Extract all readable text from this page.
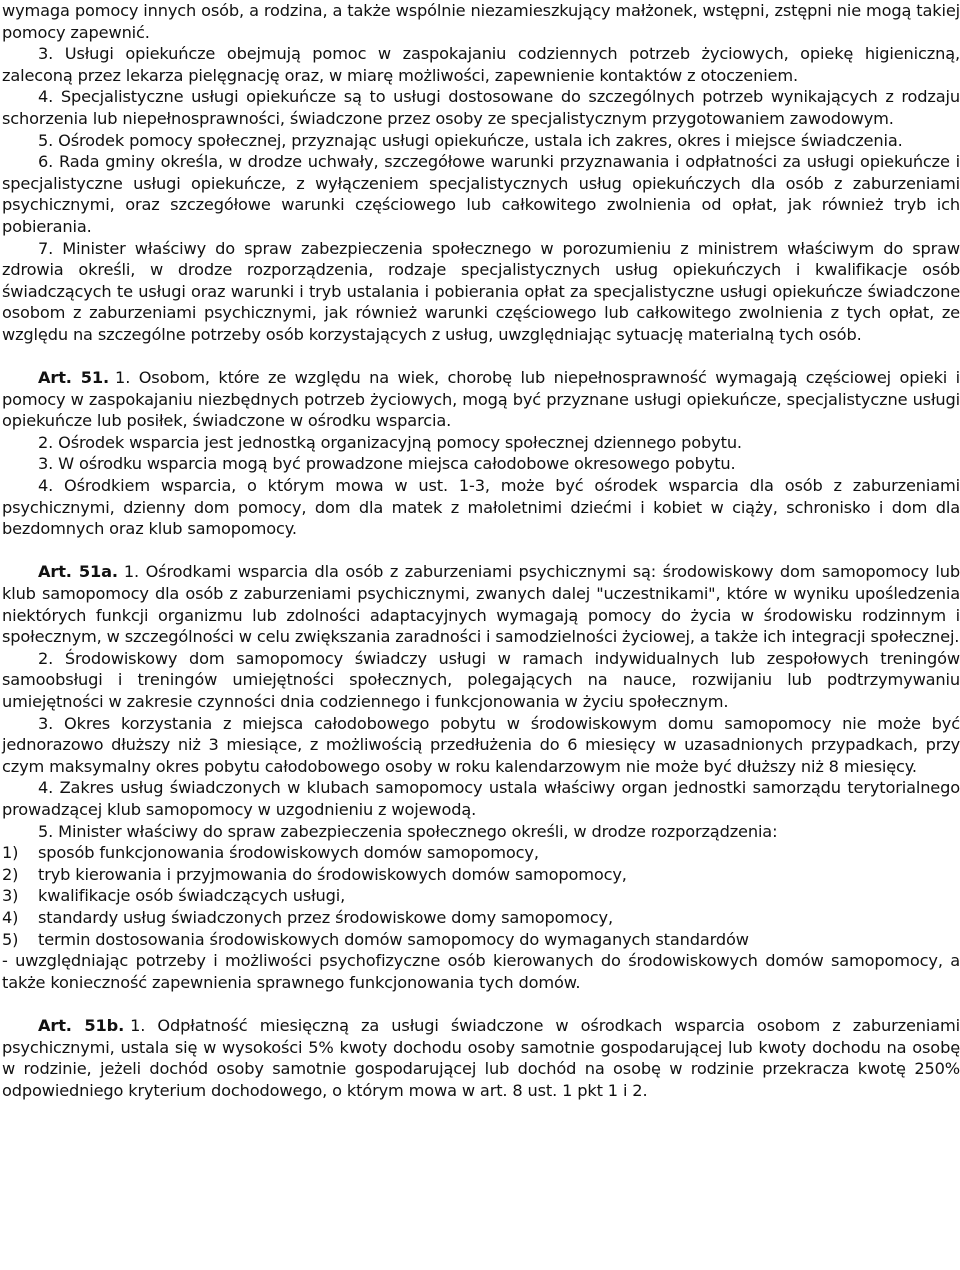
wymaga pomocy innych osób, a rodzina, a także wspólnie niezamieszkujący małżonek, wstępni, zstępni nie mogą takiej pomocy zapewnić.

3. Usługi opiekuńcze obejmują pomoc w zaspokajaniu codziennych potrzeb życiowych, opiekę higieniczną, zaleconą przez lekarza pielęgnację oraz, w miarę możliwości, zapewnienie kontaktów z otoczeniem.

4. Specjalistyczne usługi opiekuńcze są to usługi dostosowane do szczególnych potrzeb wynikających z rodzaju schorzenia lub niepełnosprawności, świadczone przez osoby ze specjalistycznym przygotowaniem zawodowym.

5. Ośrodek pomocy społecznej, przyznając usługi opiekuńcze, ustala ich zakres, okres i miejsce świadczenia.

6. Rada gminy określa, w drodze uchwały, szczegółowe warunki przyznawania i odpłatności za usługi opiekuńcze i specjalistyczne usługi opiekuńcze, z wyłączeniem specjalistycznych usług opiekuńczych dla osób z zaburzeniami psychicznymi, oraz szczegółowe warunki częściowego lub całkowitego zwolnienia od opłat, jak również tryb ich pobierania.

7. Minister właściwy do spraw zabezpieczenia społecznego w porozumieniu z ministrem właściwym do spraw zdrowia określi, w drodze rozporządzenia, rodzaje specjalistycznych usług opiekuńczych i kwalifikacje osób świadczących te usługi oraz warunki i tryb ustalania i pobierania opłat za specjalistyczne usługi opiekuńcze świadczone osobom z zaburzeniami psychicznymi, jak również warunki częściowego lub całkowitego zwolnienia z tych opłat, ze względu na szczególne potrzeby osób korzystających z usług, uwzględniając sytuację materialną tych osób.

Art. 51. 1. Osobom, które ze względu na wiek, chorobę lub niepełnosprawność wymagają częściowej opieki i pomocy w zaspokajaniu niezbędnych potrzeb życiowych, mogą być przyznane usługi opiekuńcze, specjalistyczne usługi opiekuńcze lub posiłek, świadczone w ośrodku wsparcia.

2. Ośrodek wsparcia jest jednostką organizacyjną pomocy społecznej dziennego pobytu.

3. W ośrodku wsparcia mogą być prowadzone miejsca całodobowe okresowego pobytu.

4. Ośrodkiem wsparcia, o którym mowa w ust. 1-3, może być ośrodek wsparcia dla osób z zaburzeniami psychicznymi, dzienny dom pomocy, dom dla matek z małoletnimi dziećmi i kobiet w ciąży, schronisko i dom dla bezdomnych oraz klub samopomocy.

Art. 51a. 1. Ośrodkami wsparcia dla osób z zaburzeniami psychicznymi są: środowiskowy dom samopomocy lub klub samopomocy dla osób z zaburzeniami psychicznymi, zwanych dalej "uczestnikami", które w wyniku upośledzenia niektórych funkcji organizmu lub zdolności adaptacyjnych wymagają pomocy do życia w środowisku rodzinnym i społecznym, w szczególności w celu zwiększania zaradności i samodzielności życiowej, a także ich integracji społecznej.

2. Środowiskowy dom samopomocy świadczy usługi w ramach indywidualnych lub zespołowych treningów samoobsługi i treningów umiejętności społecznych, polegających na nauce, rozwijaniu lub podtrzymywaniu umiejętności w zakresie czynności dnia codziennego i funkcjonowania w życiu społecznym.

3. Okres korzystania z miejsca całodobowego pobytu w środowiskowym domu samopomocy nie może być jednorazowo dłuższy niż 3 miesiące, z możliwością przedłużenia do 6 miesięcy w uzasadnionych przypadkach, przy czym maksymalny okres pobytu całodobowego osoby w roku kalendarzowym nie może być dłuższy niż 8 miesięcy.

4. Zakres usług świadczonych w klubach samopomocy ustala właściwy organ jednostki samorządu terytorialnego prowadzącej klub samopomocy w uzgodnieniu z wojewodą.

5. Minister właściwy do spraw zabezpieczenia społecznego określi, w drodze rozporządzenia:

1)	sposób funkcjonowania środowiskowych domów samopomocy,
2)	tryb kierowania i przyjmowania do środowiskowych domów samopomocy,
3)	kwalifikacje osób świadczących usługi,
4)	standardy usług świadczonych przez środowiskowe domy samopomocy,
5)	termin dostosowania środowiskowych domów samopomocy do wymaganych standardów

- uwzględniając potrzeby i możliwości psychofizyczne osób kierowanych do środowiskowych domów samopomocy, a także konieczność zapewnienia sprawnego funkcjonowania tych domów.

Art. 51b. 1. Odpłatność miesięczną za usługi świadczone w ośrodkach wsparcia osobom z zaburzeniami psychicznymi, ustala się w wysokości 5% kwoty dochodu osoby samotnie gospodarującej lub kwoty dochodu na osobę w rodzinie, jeżeli dochód osoby samotnie gospodarującej lub dochód na osobę w rodzinie przekracza kwotę 250% odpowiedniego kryterium dochodowego, o którym mowa w art. 8 ust. 1 pkt 1 i 2.
